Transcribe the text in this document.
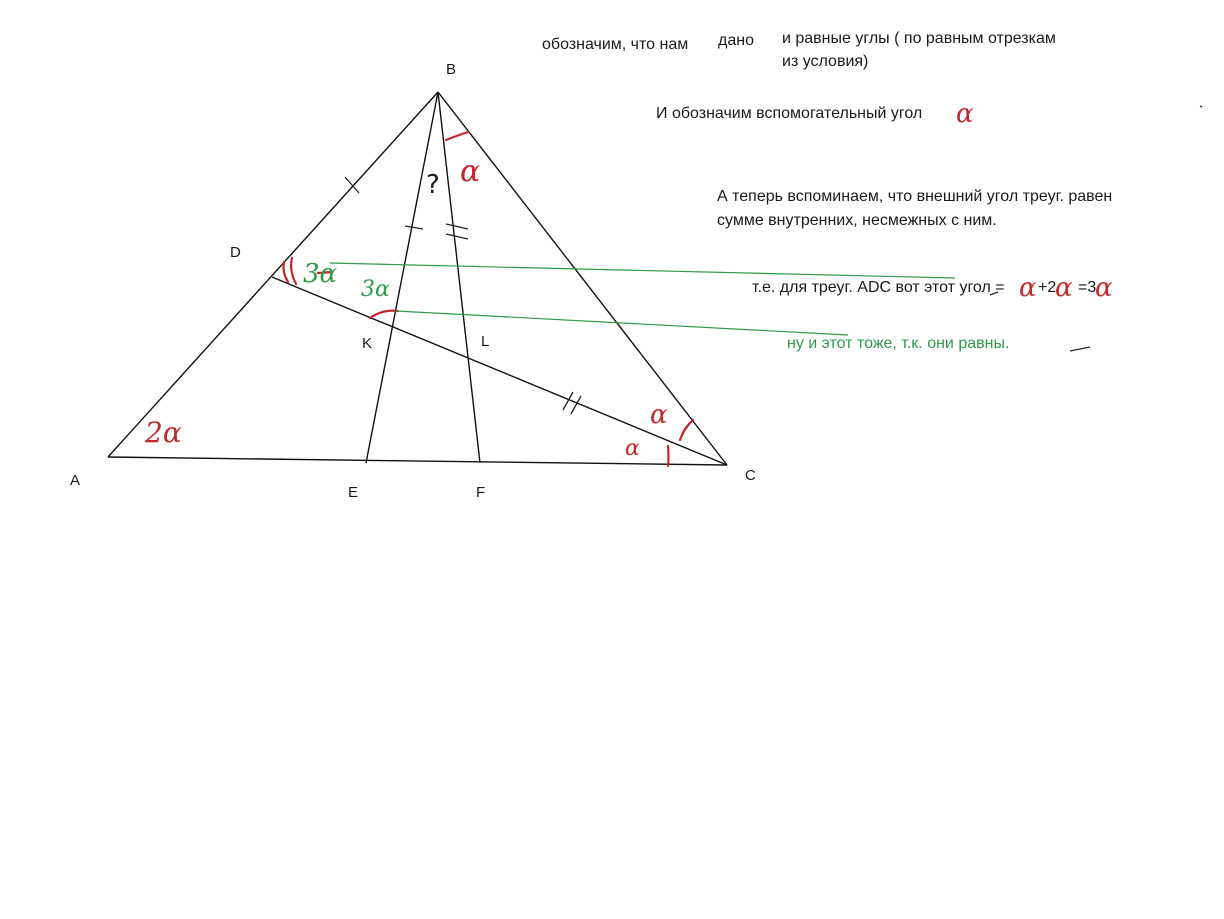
A
B
C
D
E	F
K	L
α
2α
α
α
?
3α
3α
обозначим, что нам дано и равные углы ( по равным отрезкам
из условия)
И обозначим вспомогательный угол α
А теперь вспоминаем, что внешний угол треуг. равен
сумме внутренних, несмежных с ним.
т.е. для треуг. ADC вот этот угол = α +2
α =3
α
ну и этот тоже, т.к. они равны.
